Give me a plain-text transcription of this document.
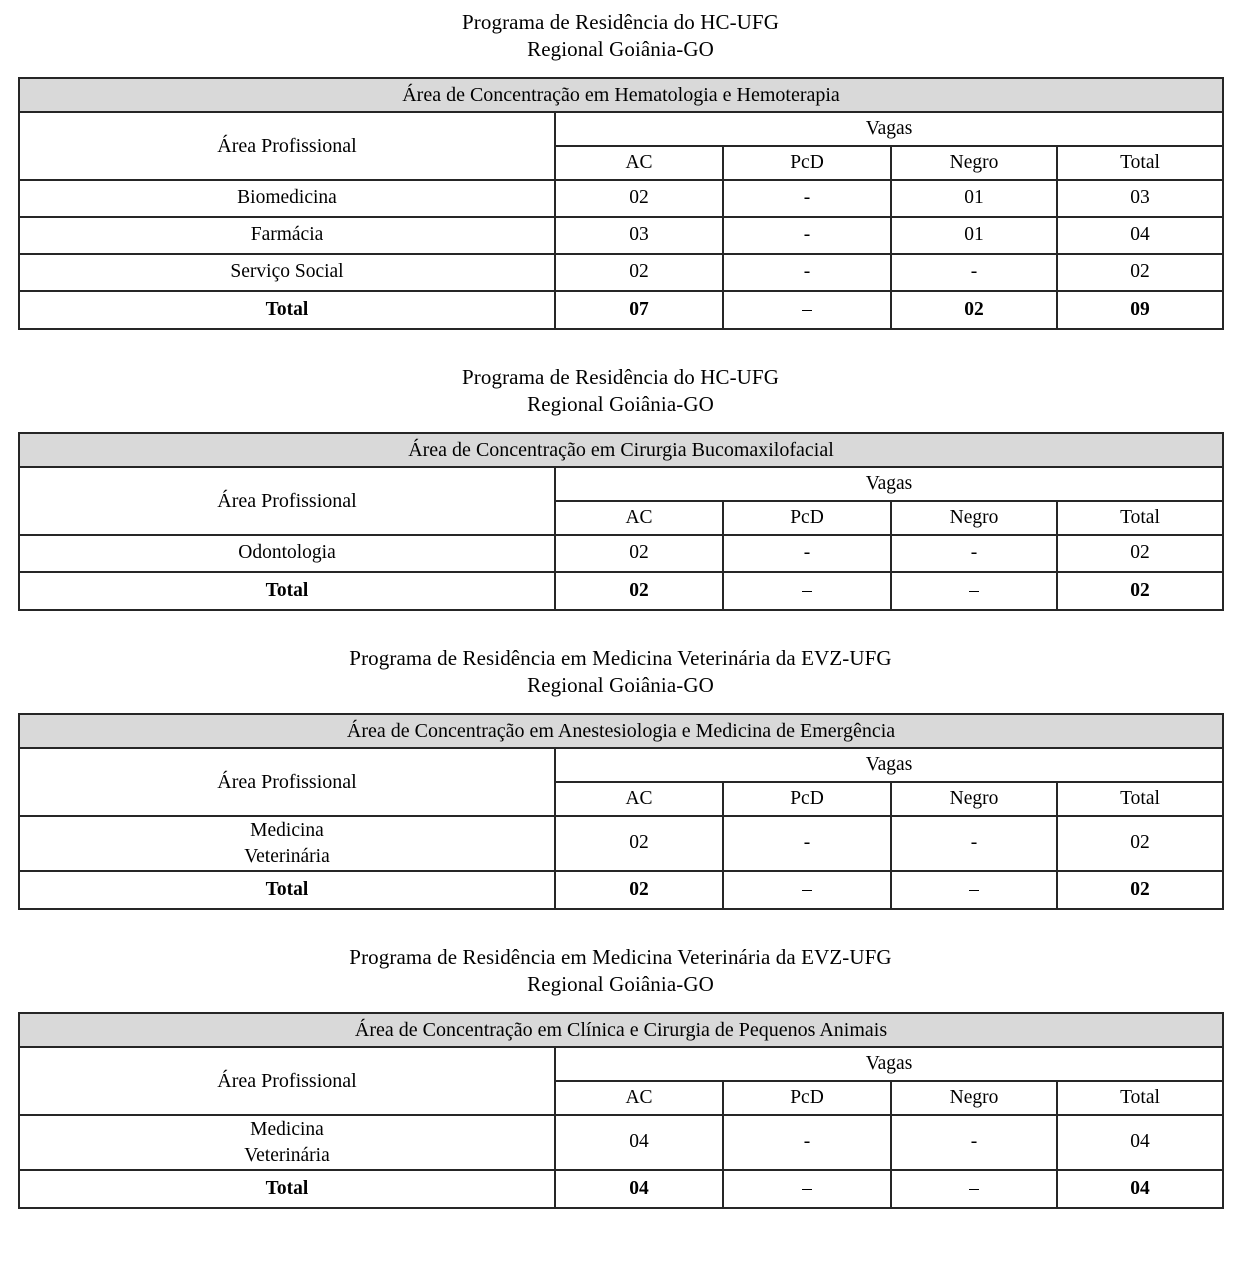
Programa de Residência do HC-UFG
Regional Goiânia-GO
Área de Concentração em Hematologia e Hemoterapia				
Área Profissional	Vagas			
	AC	PcD	Negro	Total
Biomedicina	02	-	01	03
Farmácia	03	-	01	04
Serviço Social	02	-	-	02
Total	07	–	02	09
Programa de Residência do HC-UFG
Regional Goiânia-GO
Área de Concentração em Cirurgia Bucomaxilofacial				
Área Profissional	Vagas			
	AC	PcD	Negro	Total
Odontologia	02	-	-	02
Total	02	–	–	02
Programa de Residência em Medicina Veterinária da EVZ-UFG
Regional Goiânia-GO
Área de Concentração em Anestesiologia e Medicina de Emergência				
Área Profissional	Vagas			
	AC	PcD	Negro	Total

Medicina
Veterinária	02	-	-	02
Total	02	–	–	02
Programa de Residência em Medicina Veterinária da EVZ-UFG
Regional Goiânia-GO
Área de Concentração em Clínica e Cirurgia de Pequenos Animais				
Área Profissional	Vagas			
	AC	PcD	Negro	Total

Medicina
Veterinária	04	-	-	04
Total	04	–	–	04
